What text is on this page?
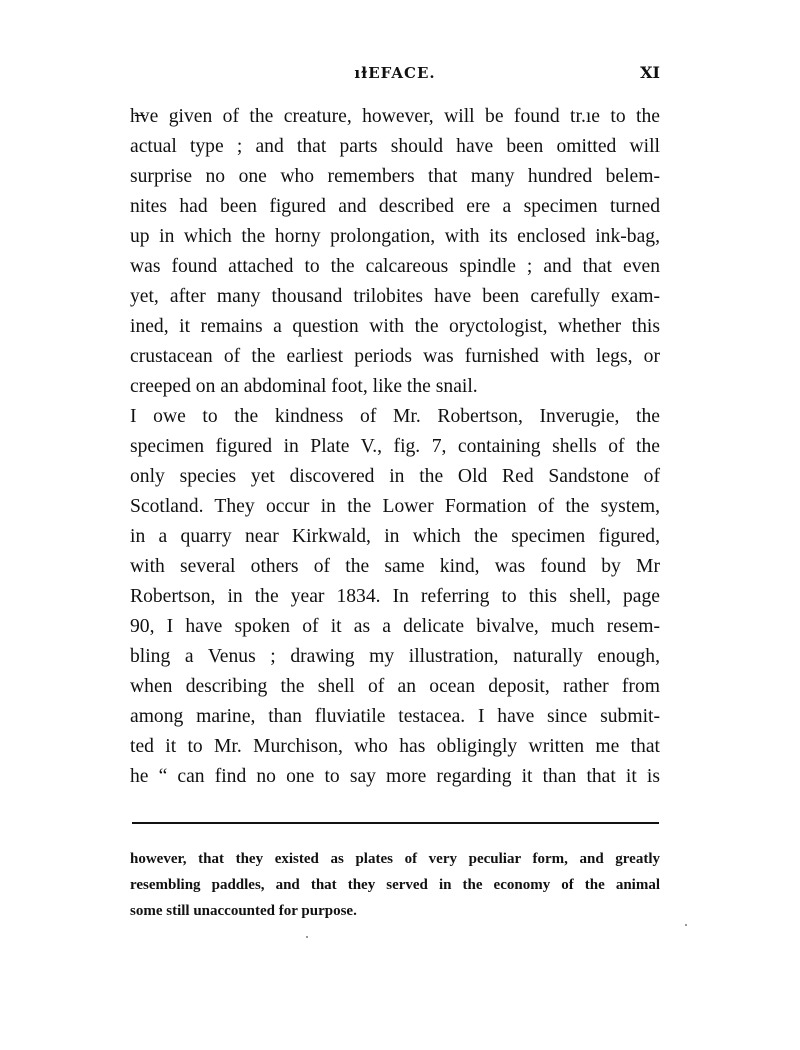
ıɫEFACE.	XI
h̶ve given of the creature, however, will be found tr.ıe to the
actual type ; and that parts should have been omitted will
surprise no one who remembers that many hundred belem-
nites had been figured and described ere a specimen turned
up in which the horny prolongation, with its enclosed ink-bag,
was found attached to the calcareous spindle ; and that even
yet, after many thousand trilobites have been carefully exam-
ined, it remains a question with the oryctologist, whether this
crustacean of the earliest periods was furnished with legs, or
creeped on an abdominal foot, like the snail.
I owe to the kindness of Mr. Robertson, Inverugie, the
specimen figured in Plate V., fig. 7, containing shells of the
only species yet discovered in the Old Red Sandstone of
Scotland. They occur in the Lower Formation of the system,
in a quarry near Kirkwald, in which the specimen figured,
with several others of the same kind, was found by Mr
Robertson, in the year 1834. In referring to this shell, page
90, I have spoken of it as a delicate bivalve, much resem-
bling a Venus ; drawing my illustration, naturally enough,
when describing the shell of an ocean deposit, rather from
among marine, than fluviatile testacea. I have since submit-
ted it to Mr. Murchison, who has obligingly written me that
he “ can find no one to say more regarding it than that it is
however, that they existed as plates of very peculiar form, and greatly
resembling paddles, and that they served in the economy of the animal
some still unaccounted for purpose.
